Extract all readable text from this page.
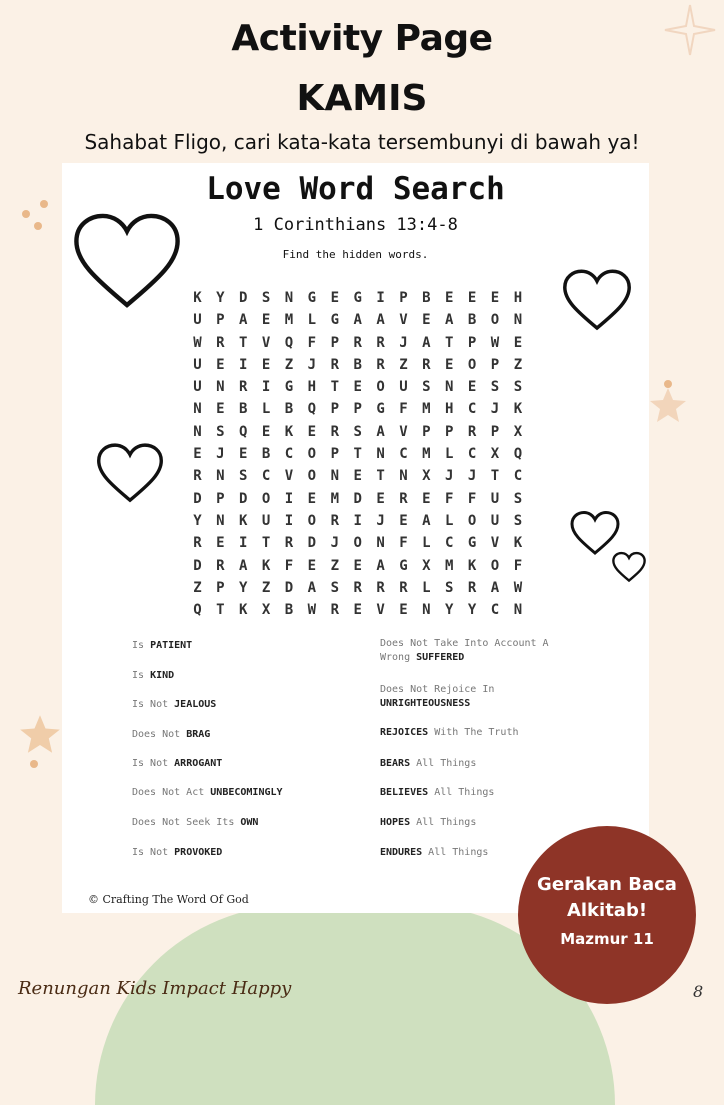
Activity Page
KAMIS
Sahabat Fligo, cari kata-kata tersembunyi di bawah ya!
Love Word Search
1 Corinthians 13:4-8
Find the hidden words.
K	Y	D	S	N	G	E	G	I	P	B	E	E	E	H
U	P	A	E	M	L	G	A	A	V	E	A	B	O	N
W	R	T	V	Q	F	P	R	R	J	A	T	P	W	E
U	E	I	E	Z	J	R	B	R	Z	R	E	O	P	Z
U	N	R	I	G	H	T	E	O	U	S	N	E	S	S
N	E	B	L	B	Q	P	P	G	F	M	H	C	J	K
N	S	Q	E	K	E	R	S	A	V	P	P	R	P	X
E	J	E	B	C	O	P	T	N	C	M	L	C	X	Q
R	N	S	C	V	O	N	E	T	N	X	J	J	T	C
D	P	D	O	I	E	M	D	E	R	E	F	F	U	S
Y	N	K	U	I	O	R	I	J	E	A	L	O	U	S
R	E	I	T	R	D	J	O	N	F	L	C	G	V	K
D	R	A	K	F	E	Z	E	A	G	X	M	K	O	F
Z	P	Y	Z	D	A	S	R	R	R	L	S	R	A	W
Q	T	K	X	B	W	R	E	V	E	N	Y	Y	C	N
© Crafting The Word Of God
Is PATIENT
Is KIND
Is Not JEALOUS
Does Not BRAG
Is Not ARROGANT
Does Not Act UNBECOMINGLY
Does Not Seek Its OWN
Is Not PROVOKED
Does Not Take Into Account A
Wrong SUFFERED
Does Not Rejoice In
UNRIGHTEOUSNESS
REJOICES With The Truth
BEARS All Things
BELIEVES All Things
HOPES All Things
ENDURES All Things
Gerakan Baca
Alkitab!
Mazmur 11
Renungan Kids Impact Happy	8
